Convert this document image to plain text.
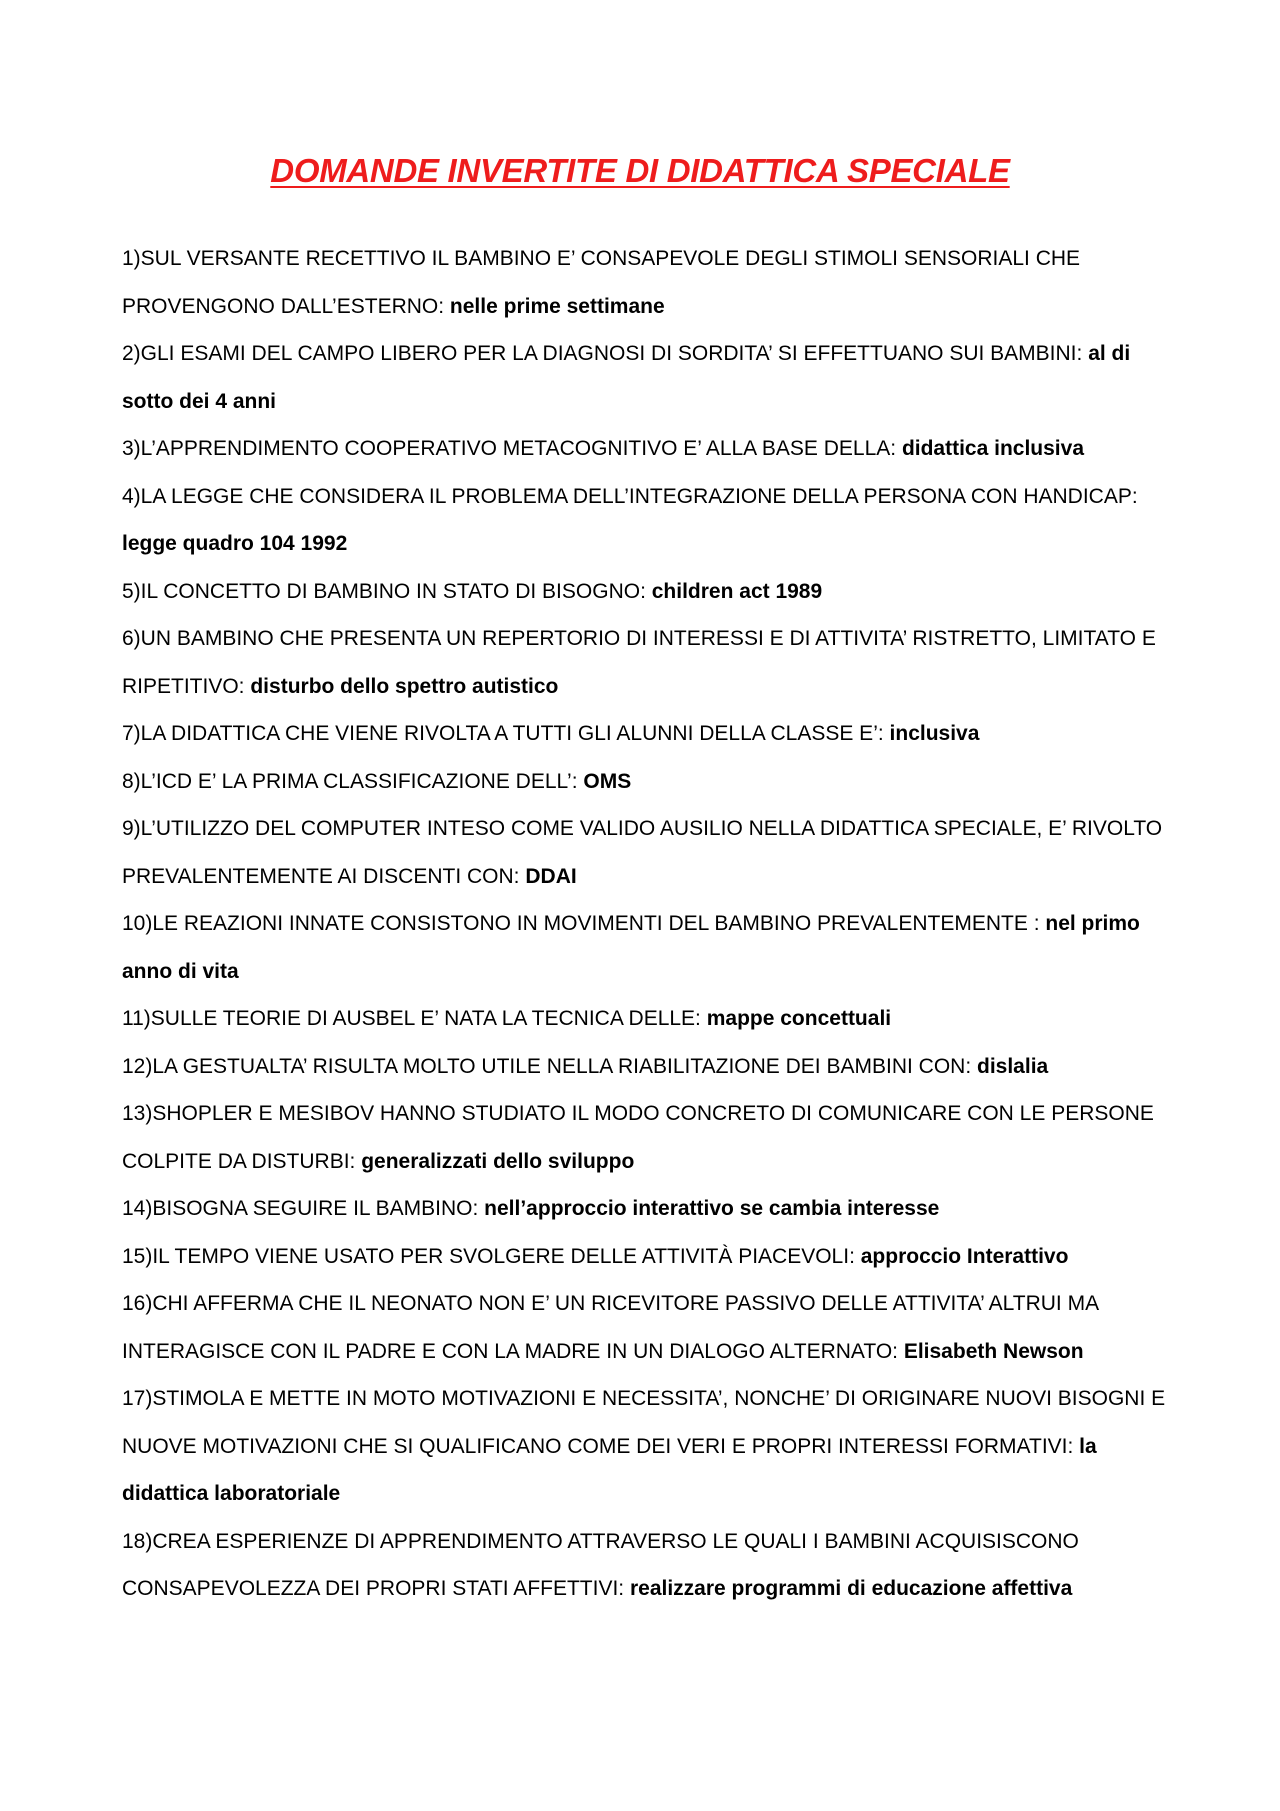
DOMANDE INVERTITE DI DIDATTICA SPECIALE

1)SUL VERSANTE RECETTIVO IL BAMBINO E’ CONSAPEVOLE DEGLI STIMOLI SENSORIALI CHE PROVENGONO DALL’ESTERNO: nelle prime settimane

2)GLI ESAMI DEL CAMPO LIBERO PER LA DIAGNOSI DI SORDITA’ SI EFFETTUANO SUI BAMBINI: al di sotto dei 4 anni

3)L’APPRENDIMENTO COOPERATIVO METACOGNITIVO E’ ALLA BASE DELLA: didattica inclusiva

4)LA LEGGE CHE CONSIDERA IL PROBLEMA DELL’INTEGRAZIONE DELLA PERSONA CON HANDICAP: legge quadro 104 1992

5)IL CONCETTO DI BAMBINO IN STATO DI BISOGNO: children act 1989

6)UN BAMBINO CHE PRESENTA UN REPERTORIO DI INTERESSI E DI ATTIVITA’ RISTRETTO, LIMITATO E RIPETITIVO: disturbo dello spettro autistico

7)LA DIDATTICA CHE VIENE RIVOLTA A TUTTI GLI ALUNNI DELLA CLASSE E’: inclusiva

8)L’ICD E’ LA PRIMA CLASSIFICAZIONE DELL’: OMS

9)L’UTILIZZO DEL COMPUTER INTESO COME VALIDO AUSILIO NELLA DIDATTICA SPECIALE, E’ RIVOLTO PREVALENTEMENTE AI DISCENTI CON: DDAI

10)LE REAZIONI INNATE CONSISTONO IN MOVIMENTI DEL BAMBINO PREVALENTEMENTE : nel primo anno di vita

11)SULLE TEORIE DI AUSBEL E’ NATA LA TECNICA DELLE: mappe concettuali

12)LA GESTUALTA’ RISULTA MOLTO UTILE NELLA RIABILITAZIONE DEI BAMBINI CON: dislalia

13)SHOPLER E MESIBOV HANNO STUDIATO IL MODO CONCRETO DI COMUNICARE CON LE PERSONE COLPITE DA DISTURBI: generalizzati dello sviluppo

14)BISOGNA SEGUIRE IL BAMBINO: nell’approccio interattivo se cambia interesse

15)IL TEMPO VIENE USATO PER SVOLGERE DELLE ATTIVITÀ PIACEVOLI: approccio Interattivo

16)CHI AFFERMA CHE IL NEONATO NON E’ UN RICEVITORE PASSIVO DELLE ATTIVITA’ ALTRUI MA INTERAGISCE CON IL PADRE E CON LA MADRE IN UN DIALOGO ALTERNATO: Elisabeth Newson

17)STIMOLA E METTE IN MOTO MOTIVAZIONI E NECESSITA’, NONCHE’ DI ORIGINARE NUOVI BISOGNI E NUOVE MOTIVAZIONI CHE SI QUALIFICANO COME DEI VERI E PROPRI INTERESSI FORMATIVI: la didattica laboratoriale

18)CREA ESPERIENZE DI APPRENDIMENTO ATTRAVERSO LE QUALI I BAMBINI ACQUISISCONO CONSAPEVOLEZZA DEI PROPRI STATI AFFETTIVI: realizzare programmi di educazione affettiva
